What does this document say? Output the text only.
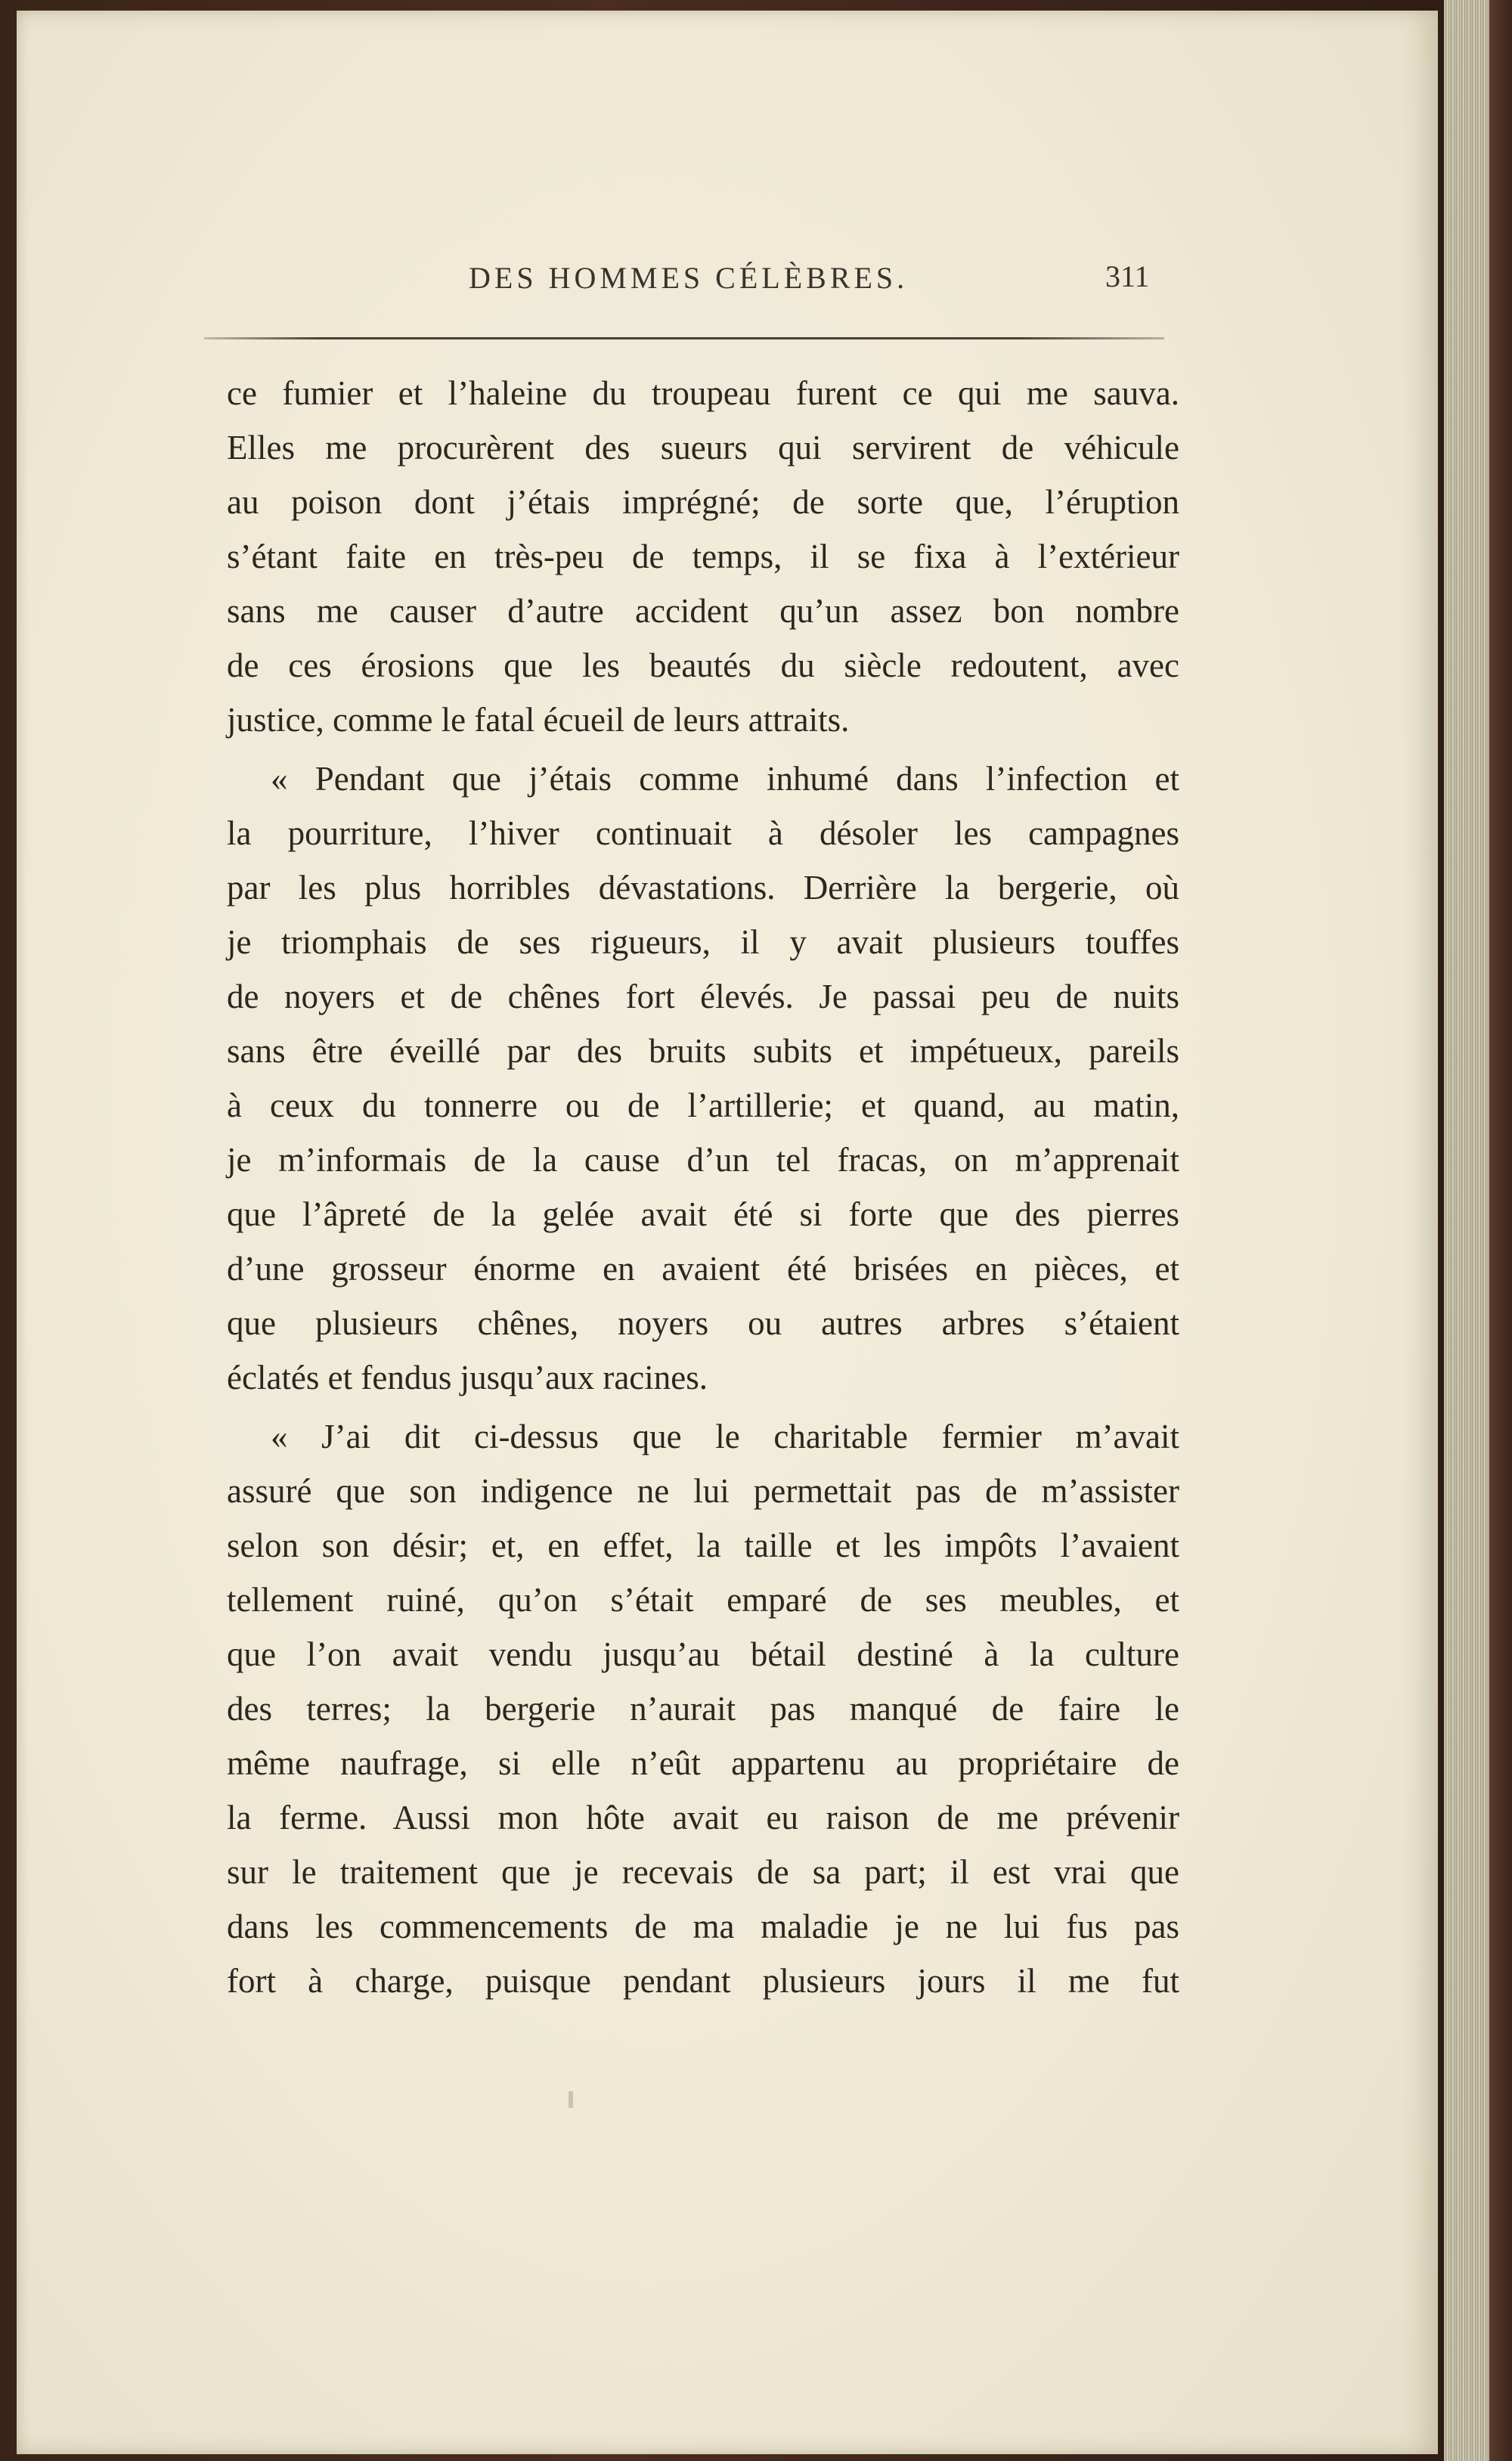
DES HOMMES CÉLÈBRES.	311
ce fumier et l’haleine du troupeau furent ce qui me sauva.
Elles me procurèrent des sueurs qui servirent de véhicule
au poison dont j’étais imprégné; de sorte que, l’éruption
s’étant faite en très-peu de temps, il se fixa à l’extérieur
sans me causer d’autre accident qu’un assez bon nombre
de ces érosions que les beautés du siècle redoutent, avec
justice, comme le fatal écueil de leurs attraits.
« Pendant que j’étais comme inhumé dans l’infection et
la pourriture, l’hiver continuait à désoler les campagnes
par les plus horribles dévastations. Derrière la bergerie, où
je triomphais de ses rigueurs, il y avait plusieurs touffes
de noyers et de chênes fort élevés. Je passai peu de nuits
sans être éveillé par des bruits subits et impétueux, pareils
à ceux du tonnerre ou de l’artillerie; et quand, au matin,
je m’informais de la cause d’un tel fracas, on m’apprenait
que l’âpreté de la gelée avait été si forte que des pierres
d’une grosseur énorme en avaient été brisées en pièces, et
que plusieurs chênes, noyers ou autres arbres s’étaient
éclatés et fendus jusqu’aux racines.
« J’ai dit ci-dessus que le charitable fermier m’avait
assuré que son indigence ne lui permettait pas de m’assister
selon son désir; et, en effet, la taille et les impôts l’avaient
tellement ruiné, qu’on s’était emparé de ses meubles, et
que l’on avait vendu jusqu’au bétail destiné à la culture
des terres; la bergerie n’aurait pas manqué de faire le
même naufrage, si elle n’eût appartenu au propriétaire de
la ferme. Aussi mon hôte avait eu raison de me prévenir
sur le traitement que je recevais de sa part; il est vrai que
dans les commencements de ma maladie je ne lui fus pas
fort à charge, puisque pendant plusieurs jours il me fut
